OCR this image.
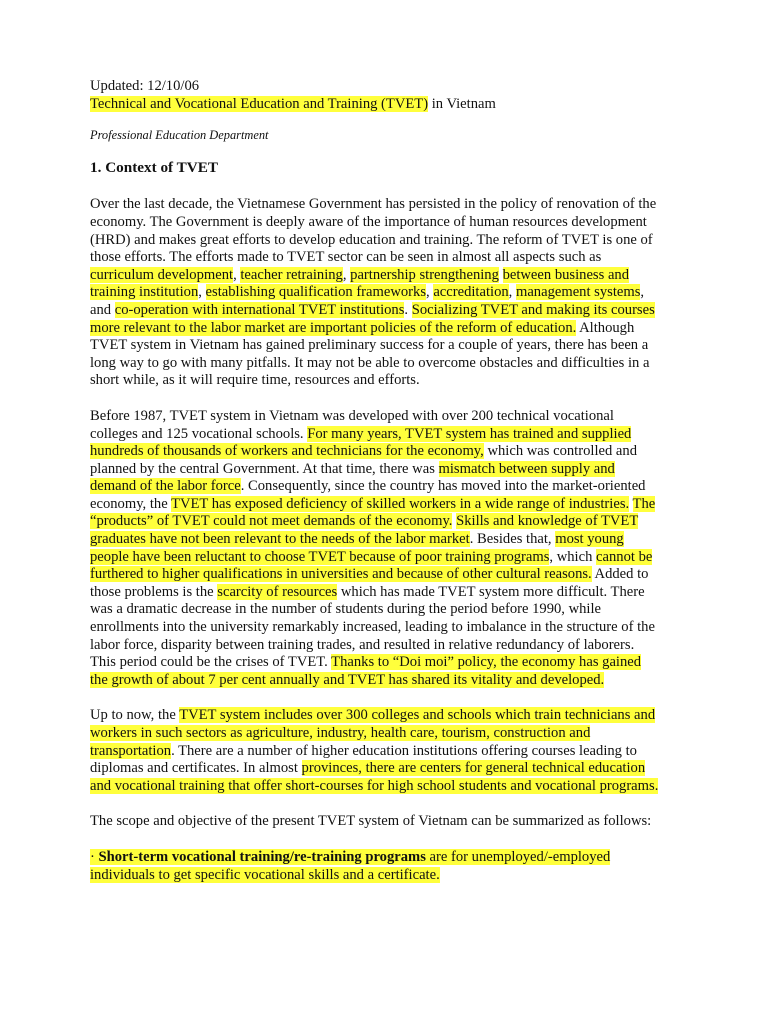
Updated: 12/10/06
Technical and Vocational Education and Training (TVET) in Vietnam
Professional Education Department
1. Context of TVET
Over the last decade, the Vietnamese Government has persisted in the policy of renovation of the
economy. The Government is deeply aware of the importance of human resources development
(HRD) and makes great efforts to develop education and training. The reform of TVET is one of
those efforts. The efforts made to TVET sector can be seen in almost all aspects such as
curriculum development, teacher retraining, partnership strengthening between business and
training institution, establishing qualification frameworks, accreditation, management systems,
and co-operation with international TVET institutions. Socializing TVET and making its courses
more relevant to the labor market are important policies of the reform of education. Although
TVET system in Vietnam has gained preliminary success for a couple of years, there has been a
long way to go with many pitfalls. It may not be able to overcome obstacles and difficulties in a
short while, as it will require time, resources and efforts.
Before 1987, TVET system in Vietnam was developed with over 200 technical vocational
colleges and 125 vocational schools. For many years, TVET system has trained and supplied
hundreds of thousands of workers and technicians for the economy, which was controlled and
planned by the central Government. At that time, there was mismatch between supply and
demand of the labor force. Consequently, since the country has moved into the market-oriented
economy, the TVET has exposed deficiency of skilled workers in a wide range of industries. The
“products” of TVET could not meet demands of the economy. Skills and knowledge of TVET
graduates have not been relevant to the needs of the labor market. Besides that, most young
people have been reluctant to choose TVET because of poor training programs, which cannot be
furthered to higher qualifications in universities and because of other cultural reasons. Added to
those problems is the scarcity of resources which has made TVET system more difficult. There
was a dramatic decrease in the number of students during the period before 1990, while
enrollments into the university remarkably increased, leading to imbalance in the structure of the
labor force, disparity between training trades, and resulted in relative redundancy of laborers.
This period could be the crises of TVET. Thanks to “Doi moi” policy, the economy has gained
the growth of about 7 per cent annually and TVET has shared its vitality and developed.
Up to now, the TVET system includes over 300 colleges and schools which train technicians and
workers in such sectors as agriculture, industry, health care, tourism, construction and
transportation. There are a number of higher education institutions offering courses leading to
diplomas and certificates. In almost provinces, there are centers for general technical education
and vocational training that offer short-courses for high school students and vocational programs.
The scope and objective of the present TVET system of Vietnam can be summarized as follows:
· Short-term vocational training/re-training programs are for unemployed/-employed
individuals to get specific vocational skills and a certificate.
